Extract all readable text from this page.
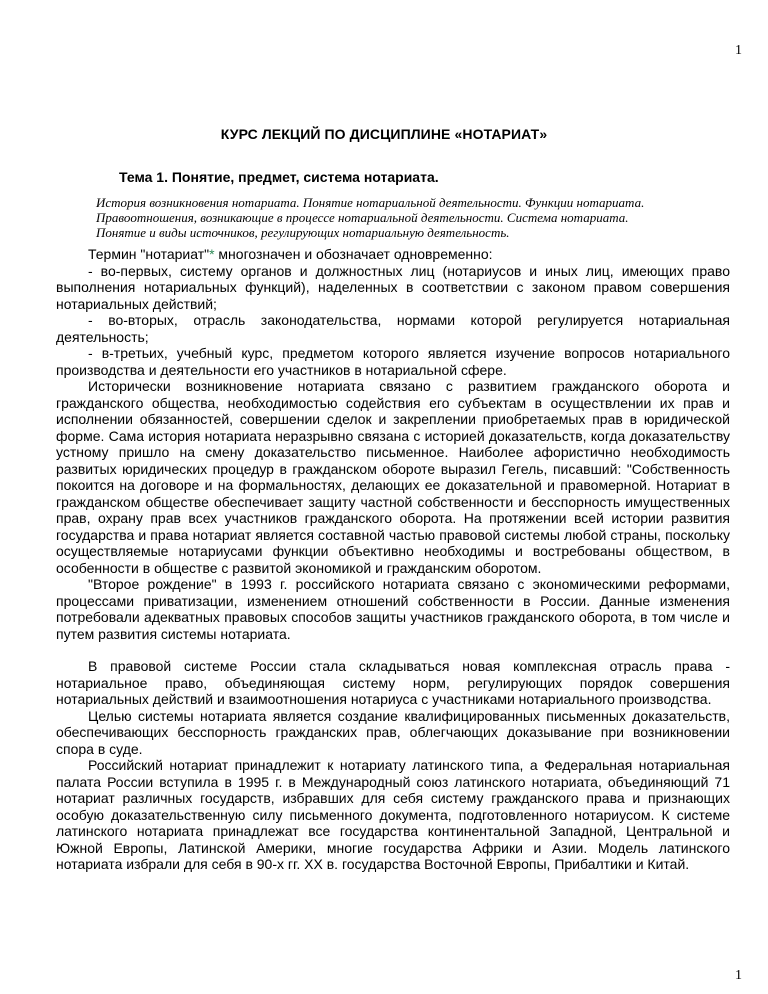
1
КУРС ЛЕКЦИЙ ПО ДИСЦИПЛИНЕ «НОТАРИАТ»
Тема 1. Понятие, предмет, система нотариата.
История возникновения нотариата. Понятие нотариальной деятельности. Функции нотариата.
Правоотношения, возникающие в процессе нотариальной деятельности. Система нотариата.
Понятие и виды источников, регулирующих нотариальную деятельность.

Термин "нотариат"* многозначен и обозначает одновременно:

- во-первых, систему органов и должностных лиц (нотариусов и иных лиц, имеющих право выполнения нотариальных функций), наделенных в соответствии с законом правом совершения нотариальных действий;

- во-вторых, отрасль законодательства, нормами которой регулируется нотариальная деятельность;

- в-третьих, учебный курс, предметом которого является изучение вопросов нотариального производства и деятельности его участников в нотариальной сфере.

Исторически возникновение нотариата связано с развитием гражданского оборота и гражданского общества, необходимостью содействия его субъектам в осуществлении их прав и исполнении обязанностей, совершении сделок и закреплении приобретаемых прав в юридической форме. Сама история нотариата неразрывно связана с историей доказательств, когда доказательству устному пришло на смену доказательство письменное. Наиболее афористично необходимость развитых юридических процедур в гражданском обороте выразил Гегель, писавший: "Собственность покоится на договоре и на формальностях, делающих ее доказательной и правомерной. Нотариат в гражданском обществе обеспечивает защиту частной собственности и бесспорность имущественных прав, охрану прав всех участников гражданского оборота. На протяжении всей истории развития государства и права нотариат является составной частью правовой системы любой страны, поскольку осуществляемые нотариусами функции объективно необходимы и востребованы обществом, в особенности в обществе с развитой экономикой и гражданским оборотом.

"Второе рождение" в 1993 г. российского нотариата связано с экономическими реформами, процессами приватизации, изменением отношений собственности в России. Данные изменения потребовали адекватных правовых способов защиты участников гражданского оборота, в том числе и путем развития системы нотариата.

В правовой системе России стала складываться новая комплексная отрасль права - нотариальное право, объединяющая систему норм, регулирующих порядок совершения нотариальных действий и взаимоотношения нотариуса с участниками нотариального производства.

Целью системы нотариата является создание квалифицированных письменных доказательств, обеспечивающих бесспорность гражданских прав, облегчающих доказывание при возникновении спора в суде.

Российский нотариат принадлежит к нотариату латинского типа, а Федеральная нотариальная палата России вступила в 1995 г. в Международный союз латинского нотариата, объединяющий 71 нотариат различных государств, избравших для себя систему гражданского права и признающих особую доказательственную силу письменного документа, подготовленного нотариусом. К системе латинского нотариата принадлежат все государства континентальной Западной, Центральной и Южной Европы, Латинской Америки, многие государства Африки и Азии. Модель латинского нотариата избрали для себя в 90-х гг. XX в. государства Восточной Европы, Прибалтики и Китай.

1
